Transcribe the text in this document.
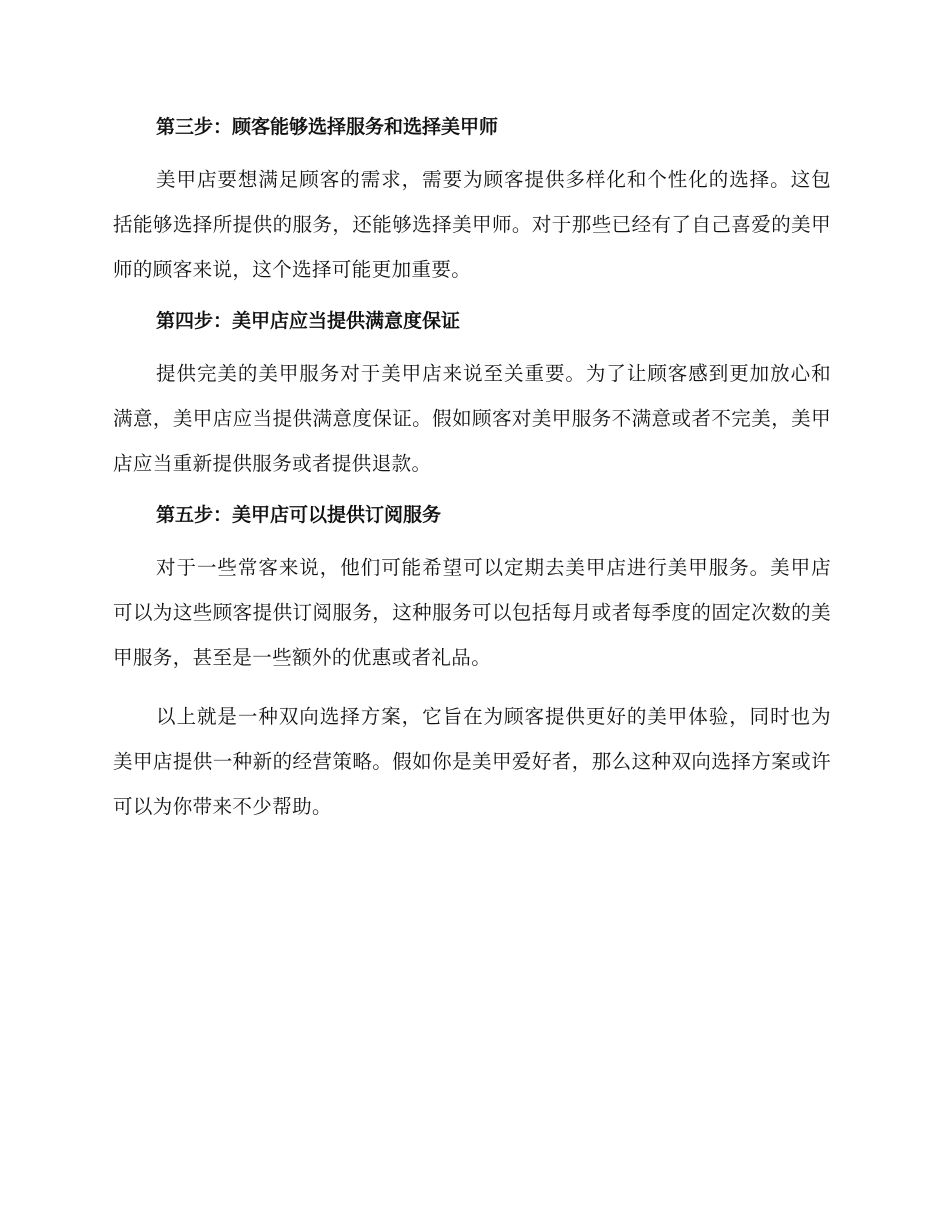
第三步：顾客能够选择服务和选择美甲师

美甲店要想满足顾客的需求，需要为顾客提供多样化和个性化的选择。这包括能够选择所提供的服务，还能够选择美甲师。对于那些已经有了自己喜爱的美甲师的顾客来说，这个选择可能更加重要。

第四步：美甲店应当提供满意度保证

提供完美的美甲服务对于美甲店来说至关重要。为了让顾客感到更加放心和满意，美甲店应当提供满意度保证。假如顾客对美甲服务不满意或者不完美，美甲店应当重新提供服务或者提供退款。

第五步：美甲店可以提供订阅服务

对于一些常客来说，他们可能希望可以定期去美甲店进行美甲服务。美甲店可以为这些顾客提供订阅服务，这种服务可以包括每月或者每季度的固定次数的美甲服务，甚至是一些额外的优惠或者礼品。

以上就是一种双向选择方案，它旨在为顾客提供更好的美甲体验，同时也为美甲店提供一种新的经营策略。假如你是美甲爱好者，那么这种双向选择方案或许可以为你带来不少帮助。
